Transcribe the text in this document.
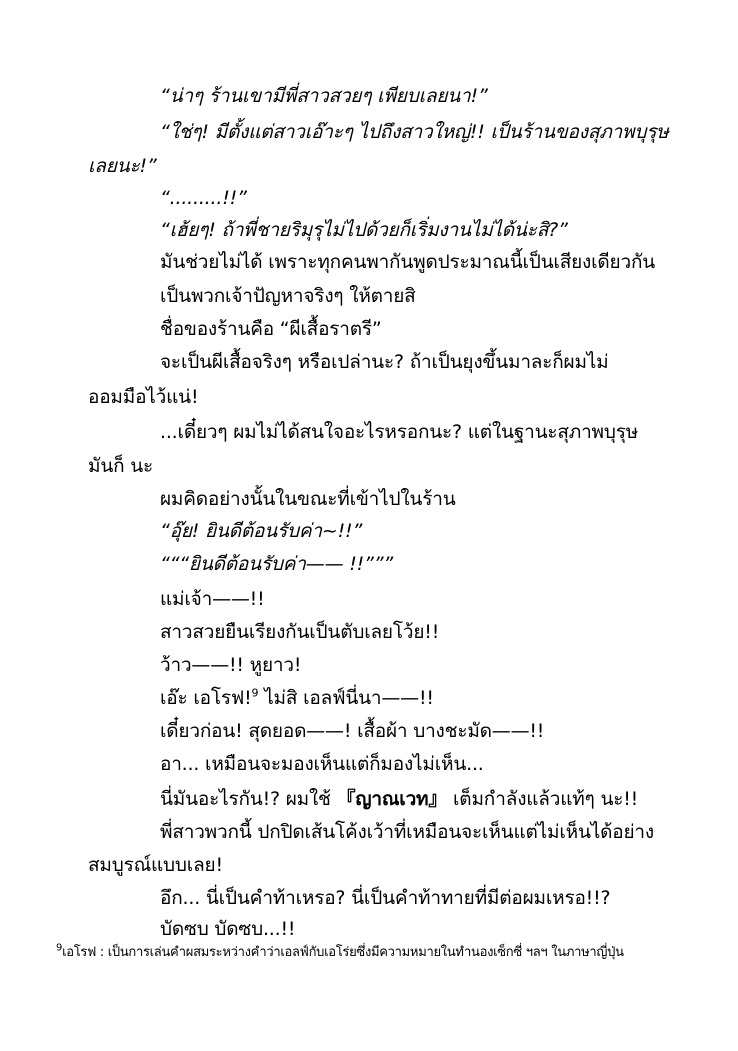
“น่าๆ ร้านเขามีพี่สาวสวยๆ เพียบเลยนา!”
“ใช่ๆ! มีตั้งแต่สาวเอ๊าะๆ ไปถึงสาวใหญ่!! เป็นร้านของสุภาพบุรุษ
เลยนะ!”
“.........!!”
“เฮ้ยๆ! ถ้าพี่ชายริมุรุไม่ไปด้วยก็เริ่มงานไม่ได้น่ะสิ?”
มันช่วยไม่ได้ เพราะทุกคนพากันพูดประมาณนี้เป็นเสียงเดียวกัน
เป็นพวกเจ้าปัญหาจริงๆ ให้ตายสิ
ชื่อของร้านคือ “ผีเสื้อราตรี”
จะเป็นผีเสื้อจริงๆ หรือเปล่านะ? ถ้าเป็นยุงขึ้นมาละก็ผมไม่
ออมมือไว้แน่!
...เดี๋ยวๆ ผมไม่ได้สนใจอะไรหรอกนะ? แต่ในฐานะสุภาพบุรุษ
มันก็ นะ
ผมคิดอย่างนั้นในขณะที่เข้าไปในร้าน
“อุ๊ย! ยินดีต้อนรับค่า~!!”
“““ยินดีต้อนรับค่า—— !!”””
แม่เจ้า——!!
สาวสวยยืนเรียงกันเป็นตับเลยโว้ย!!
ว้าว——!! หูยาว!
เอ๊ะ เอโรฟ!$^9$ ไม่สิ เอลฟ์นี่นา——!!
เดี๋ยวก่อน! สุดยอด——! เสื้อผ้า บางชะมัด——!!
อา... เหมือนจะมองเห็นแต่ก็มองไม่เห็น...
นี่มันอะไรกัน!? ผมใช้ 『ญาณเวท』 เต็มกำลังแล้วแท้ๆ นะ!!
พี่สาวพวกนี้ ปกปิดเส้นโค้งเว้าที่เหมือนจะเห็นแต่ไม่เห็นได้อย่าง
สมบูรณ์แบบเลย!
อึก... นี่เป็นคำท้าเหรอ? นี่เป็นคำท้าทายที่มีต่อผมเหรอ!!?
บัดซบ บัดซบ...!!
$^9$เอโรฟ : เป็นการเล่นคำผสมระหว่างคำว่าเอลฟ์กับเอโร่ยซึ่งมีความหมายในทำนองเซ็กซี่ ฯลฯ ในภาษาญี่ปุ่น
